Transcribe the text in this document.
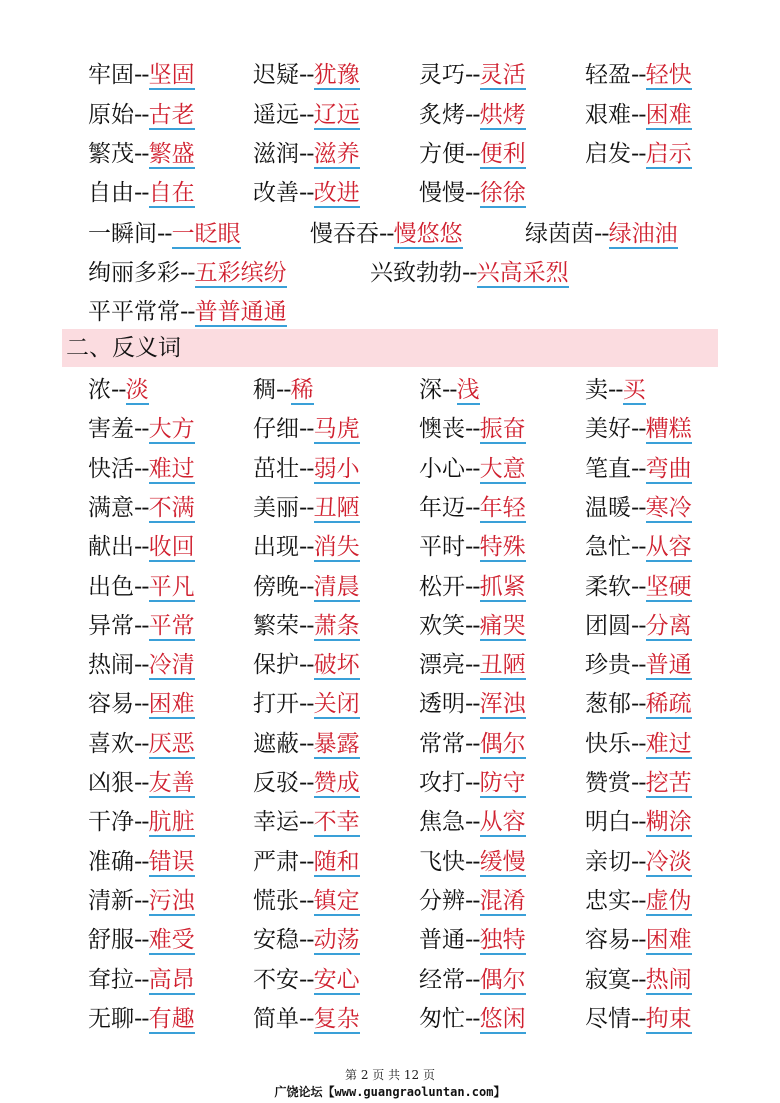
二、反义词
第 2 页 共 12 页
广饶论坛【www.guangraoluntan.com】
牢固--坚固	迟疑--犹豫	灵巧--灵活	轻盈--轻快
原始--古老	遥远--辽远	炙烤--烘烤	艰难--困难
繁茂--繁盛	滋润--滋养	方便--便利	启发--启示
自由--自在	改善--改进	慢慢--徐徐
一瞬间--一眨眼	慢吞吞--慢悠悠	绿茵茵--绿油油
绚丽多彩--五彩缤纷	兴致勃勃--兴高采烈
平平常常--普普通通
浓--淡	稠--稀	深--浅	卖--买
害羞--大方	仔细--马虎	懊丧--振奋	美好--糟糕
快活--难过	茁壮--弱小	小心--大意	笔直--弯曲
满意--不满	美丽--丑陋	年迈--年轻	温暖--寒冷
献出--收回	出现--消失	平时--特殊	急忙--从容
出色--平凡	傍晚--清晨	松开--抓紧	柔软--坚硬
异常--平常	繁荣--萧条	欢笑--痛哭	团圆--分离
热闹--冷清	保护--破坏	漂亮--丑陋	珍贵--普通
容易--困难	打开--关闭	透明--浑浊	葱郁--稀疏
喜欢--厌恶	遮蔽--暴露	常常--偶尔	快乐--难过
凶狠--友善	反驳--赞成	攻打--防守	赞赏--挖苦
干净--肮脏	幸运--不幸	焦急--从容	明白--糊涂
准确--错误	严肃--随和	飞快--缓慢	亲切--冷淡
清新--污浊	慌张--镇定	分辨--混淆	忠实--虚伪
舒服--难受	安稳--动荡	普通--独特	容易--困难
耷拉--高昂	不安--安心	经常--偶尔	寂寞--热闹
无聊--有趣	简单--复杂	匆忙--悠闲	尽情--拘束
